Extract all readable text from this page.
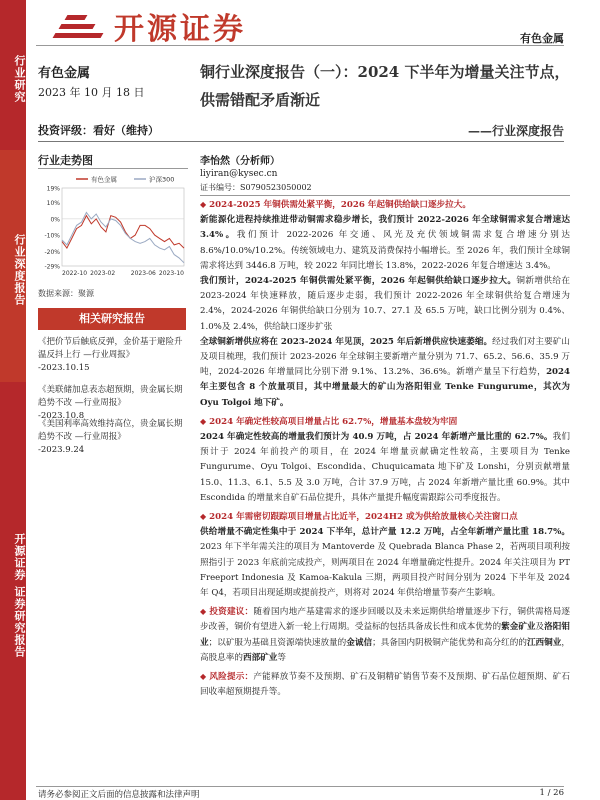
行业研究
行业深度报告
开源证券 证券研究报告
开源证券	有色金属
有色金属
2023 年 10 月 18 日
投资评级：看好（维持）
铜行业深度报告（一）：2024 下半年为增量关注节点，
供需错配矛盾渐近
——行业深度报告
行业走势图
19%
10%
0%
-10%
-20%
-29%
2022-10 2023-02	2023-06 2023-10
有色金属	沪深300
数据来源：聚源
相关研究报告
《把价节后触底反弹，金价基于避险升温反抖上行 —行业周报》
-2023.10.15
《美联储加息表态超预期，贵金属长期趋势不改 —行业周报》
-2023.10.8
《美国利率高效维持高位，贵金属长期趋势不改 —行业周报》
-2023.9.24
李怡然（分析师）
liyiran@kysec.cn
证书编号：S0790523050002

◆ 2024-2025 年铜供需处紧平衡，2026 年起铜供给缺口逐步拉大。

新能源化进程持续推进带动铜需求稳步增长，我们预计 2022-2026 年全球铜需求复合增速达 3.4%。我们预计 2022-2026 年交通、风光及充伏领域铜需求复合增速分别达 8.6%/10.0%/10.2%。传统领域电力、建筑及消费保持小幅增长。至 2026 年，我们预计全球铜需求将达到 3446.8 万吨，较 2022 年同比增长 13.8%，2022-2026 年复合增速达 3.4%。

我们预计，2024-2025 年铜供需处紧平衡，2026 年起铜供给缺口逐步拉大。铜新增供给在 2023-2024 年快速释放，随后逐步走弱，我们预计 2022-2026 年全球铜供给复合增速为 2.4%，2024-2026 年铜供给缺口分别为 10.7、27.1 及 65.5 万吨，缺口比例分别为 0.4%、1.0%及 2.4%，供给缺口逐步扩张

全球铜新增供应将在 2023-2024 年见顶，2025 年后新增供应快速萎缩。经过我们对主要矿山及项目梳理，我们预计 2023-2026 年全球铜主要新增产量分别为 71.7、65.2、56.6、35.9 万吨，2024-2026 年增量同比分别下滑 9.1%、13.2%、36.6%。新增产量呈下行趋势，2024 年主要包含 8 个放量项目，其中增量最大的矿山为洛阳钼业 Tenke Fungurume，其次为 Oyu Tolgoi 地下矿。

◆ 2024 年确定性较高项目增量占比 62.7%，增量基本盘较为牢固

2024 年确定性较高的增量我们预计为 40.9 万吨，占 2024 年新增产量比重的 62.7%。我们预计于 2024 年前投产的项目，在 2024 年增量贡献确定性较高，主要项目为 Tenke Fungurume、Oyu Tolgoi、Escondida、Chuquicamata 地下矿及 Lonshi，分别贡献增量 15.0、11.3、6.1、5.5 及 3.0 万吨，合计 37.9 万吨，占 2024 年新增产量比重 60.9%。其中 Escondida 的增量来自矿石品位提升，具体产量提升幅度需跟踪公司季度报告。

◆ 2024 年需密切跟踪项目增量占比近半，2024H2 或为供给放量核心关注窗口点

供给增量不确定性集中于 2024 下半年，总计产量 12.2 万吨，占全年新增产量比重 18.7%。2023 年下半年需关注的项目为 Mantoverde 及 Quebrada Blanca Phase 2，若两项目项利按照指引于 2023 年底前完成投产，则两项目在 2024 年增量确定性提升。2024 年关注项目为 PT Freeport Indonesia 及 Kamoa-Kakula 三期，两项目投产时间分别为 2024 下半年及 2024 年 Q4，若项目出现延期或提前投产，则将对 2024 年供给增量节奏产生影响。

◆ 投资建议：随着国内地产基建需求的逐步回暖以及未来远期供给增量逐步下行，铜供需格局逐步改善，铜价有望进入新一轮上行周期。受益标的包括具备成长性和成本优势的紫金矿业及洛阳钼业；以矿服为基础且资源端快速放量的金诚信；具备国内阴极铜产能优势和高分红的的江西铜业，高股息率的西部矿业等

◆ 风险提示：产能释放节奏不及预期、矿石及铜精矿销售节奏不及预期、矿石品位超预期、矿石回收率超预期提升等。

请务必参阅正文后面的信息披露和法律声明	1 / 26
